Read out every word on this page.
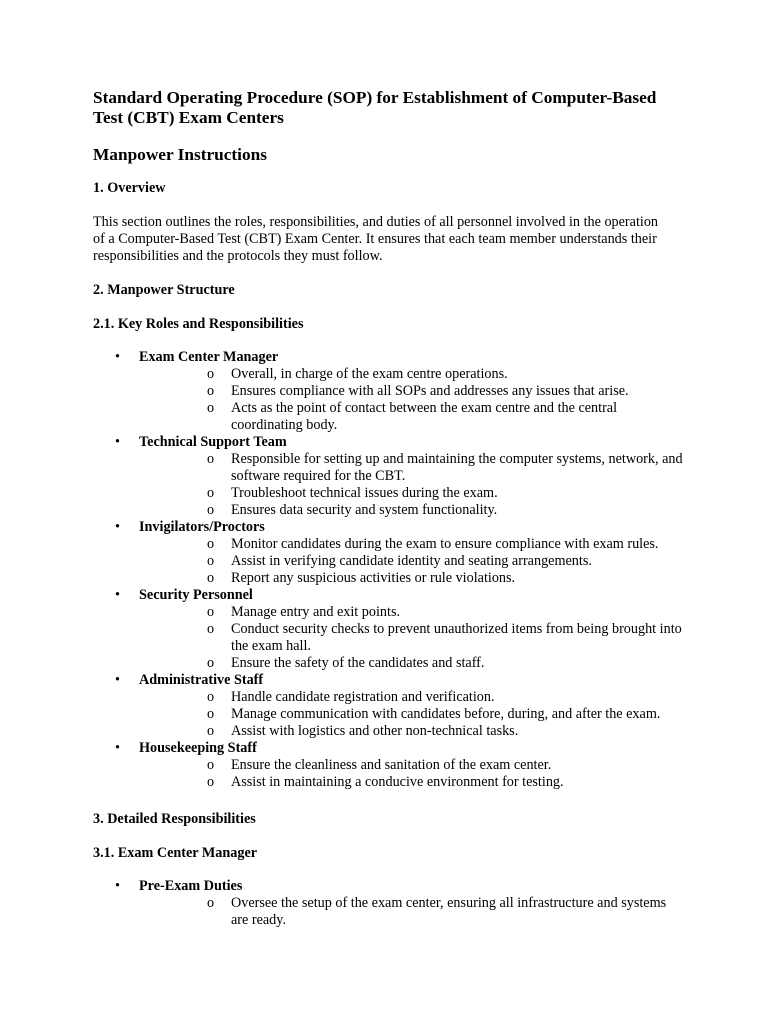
Standard Operating Procedure (SOP) for Establishment of Computer-Based Test (CBT) Exam Centers
Manpower Instructions
1. Overview

This section outlines the roles, responsibilities, and duties of all personnel involved in the operation of a Computer-Based Test (CBT) Exam Center. It ensures that each team member understands their responsibilities and the protocols they must follow.

2. Manpower Structure
2.1. Key Roles and Responsibilities
• Exam Center Manager
o Overall, in charge of the exam centre operations.
o Ensures compliance with all SOPs and addresses any issues that arise.
o Acts as the point of contact between the exam centre and the central coordinating body.
• Technical Support Team
o Responsible for setting up and maintaining the computer systems, network, and software required for the CBT.
o Troubleshoot technical issues during the exam.
o Ensures data security and system functionality.
• Invigilators/Proctors
o Monitor candidates during the exam to ensure compliance with exam rules.
o Assist in verifying candidate identity and seating arrangements.
o Report any suspicious activities or rule violations.
• Security Personnel
o Manage entry and exit points.
o Conduct security checks to prevent unauthorized items from being brought into the exam hall.
o Ensure the safety of the candidates and staff.
• Administrative Staff
o Handle candidate registration and verification.
o Manage communication with candidates before, during, and after the exam.
o Assist with logistics and other non-technical tasks.
• Housekeeping Staff
o Ensure the cleanliness and sanitation of the exam center.
o Assist in maintaining a conducive environment for testing.
3. Detailed Responsibilities
3.1. Exam Center Manager
• Pre-Exam Duties
o Oversee the setup of the exam center, ensuring all infrastructure and systems are ready.
